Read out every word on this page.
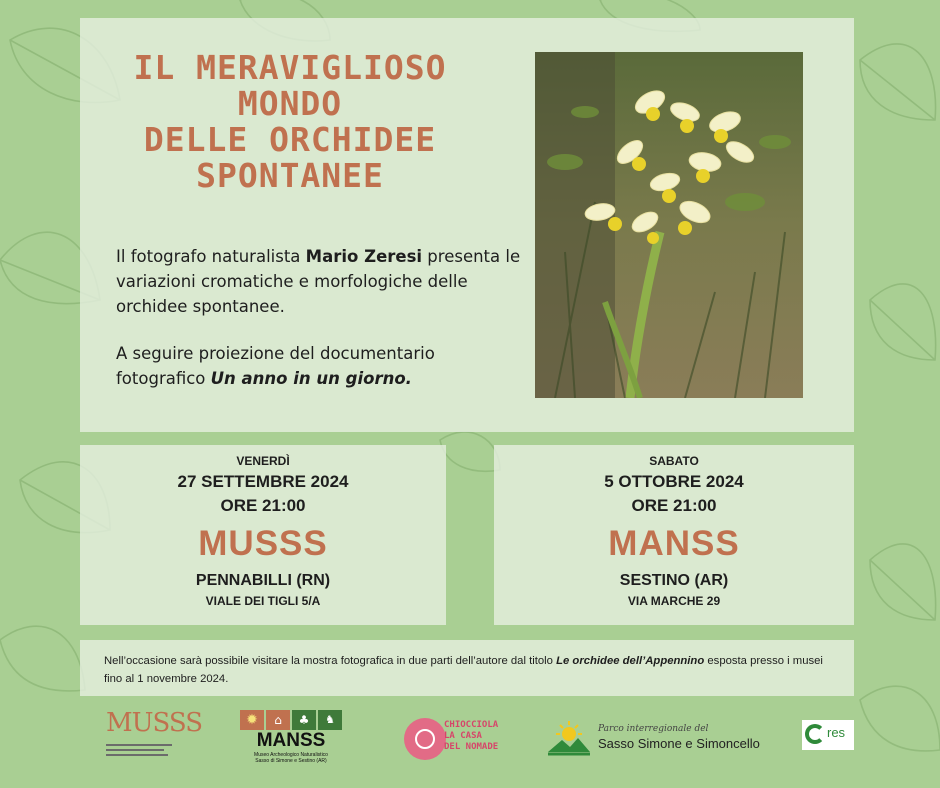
IL MERAVIGLIOSO
MONDO
DELLE ORCHIDEE
SPONTANEE

Il fotografo naturalista Mario Zeresi presenta le variazioni cromatiche e morfologiche delle orchidee spontanee.

A seguire proiezione del documentario fotografico Un anno in un giorno.

VENERDÌ
27 SETTEMBRE 2024
ORE 21:00
MUSSS
PENNABILLI (RN)
VIALE DEI TIGLI 5/A
SABATO
5 OTTOBRE 2024
ORE 21:00
MANSS
SESTINO (AR)
VIA MARCHE 29
Nell’occasione sarà possibile visitare la mostra fotografica in due parti dell’autore dal titolo Le orchidee dell’Appennino esposta presso i musei fino al 1 novembre 2024.
MUSSS	✹	⌂	♣	♞
MANSS
Museo Archeologico Naturalistico
Sasso di Simone e Sestino (AR)
CHIOCCIOLA
LA CASA
DEL NOMADE
Parco interregionale del
Sasso Simone e Simoncello
res
